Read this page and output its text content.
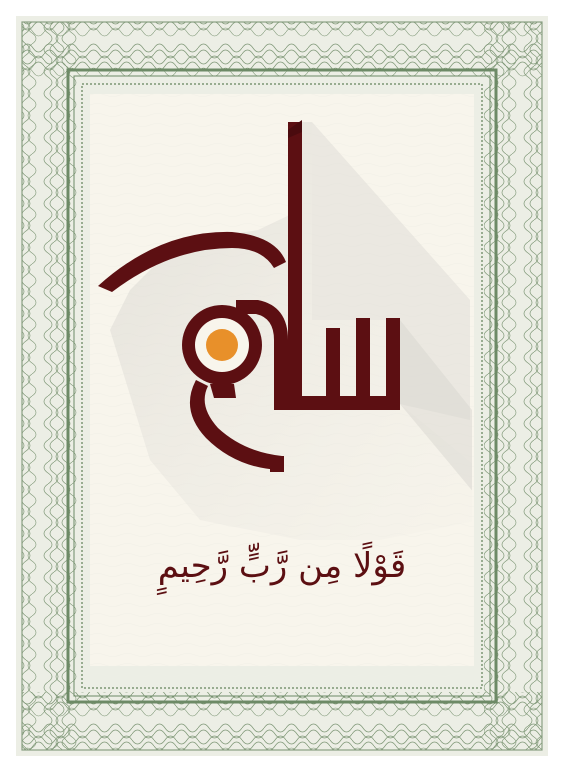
قَوْلًا مِن رَّبٍّ رَّحِيمٍ
